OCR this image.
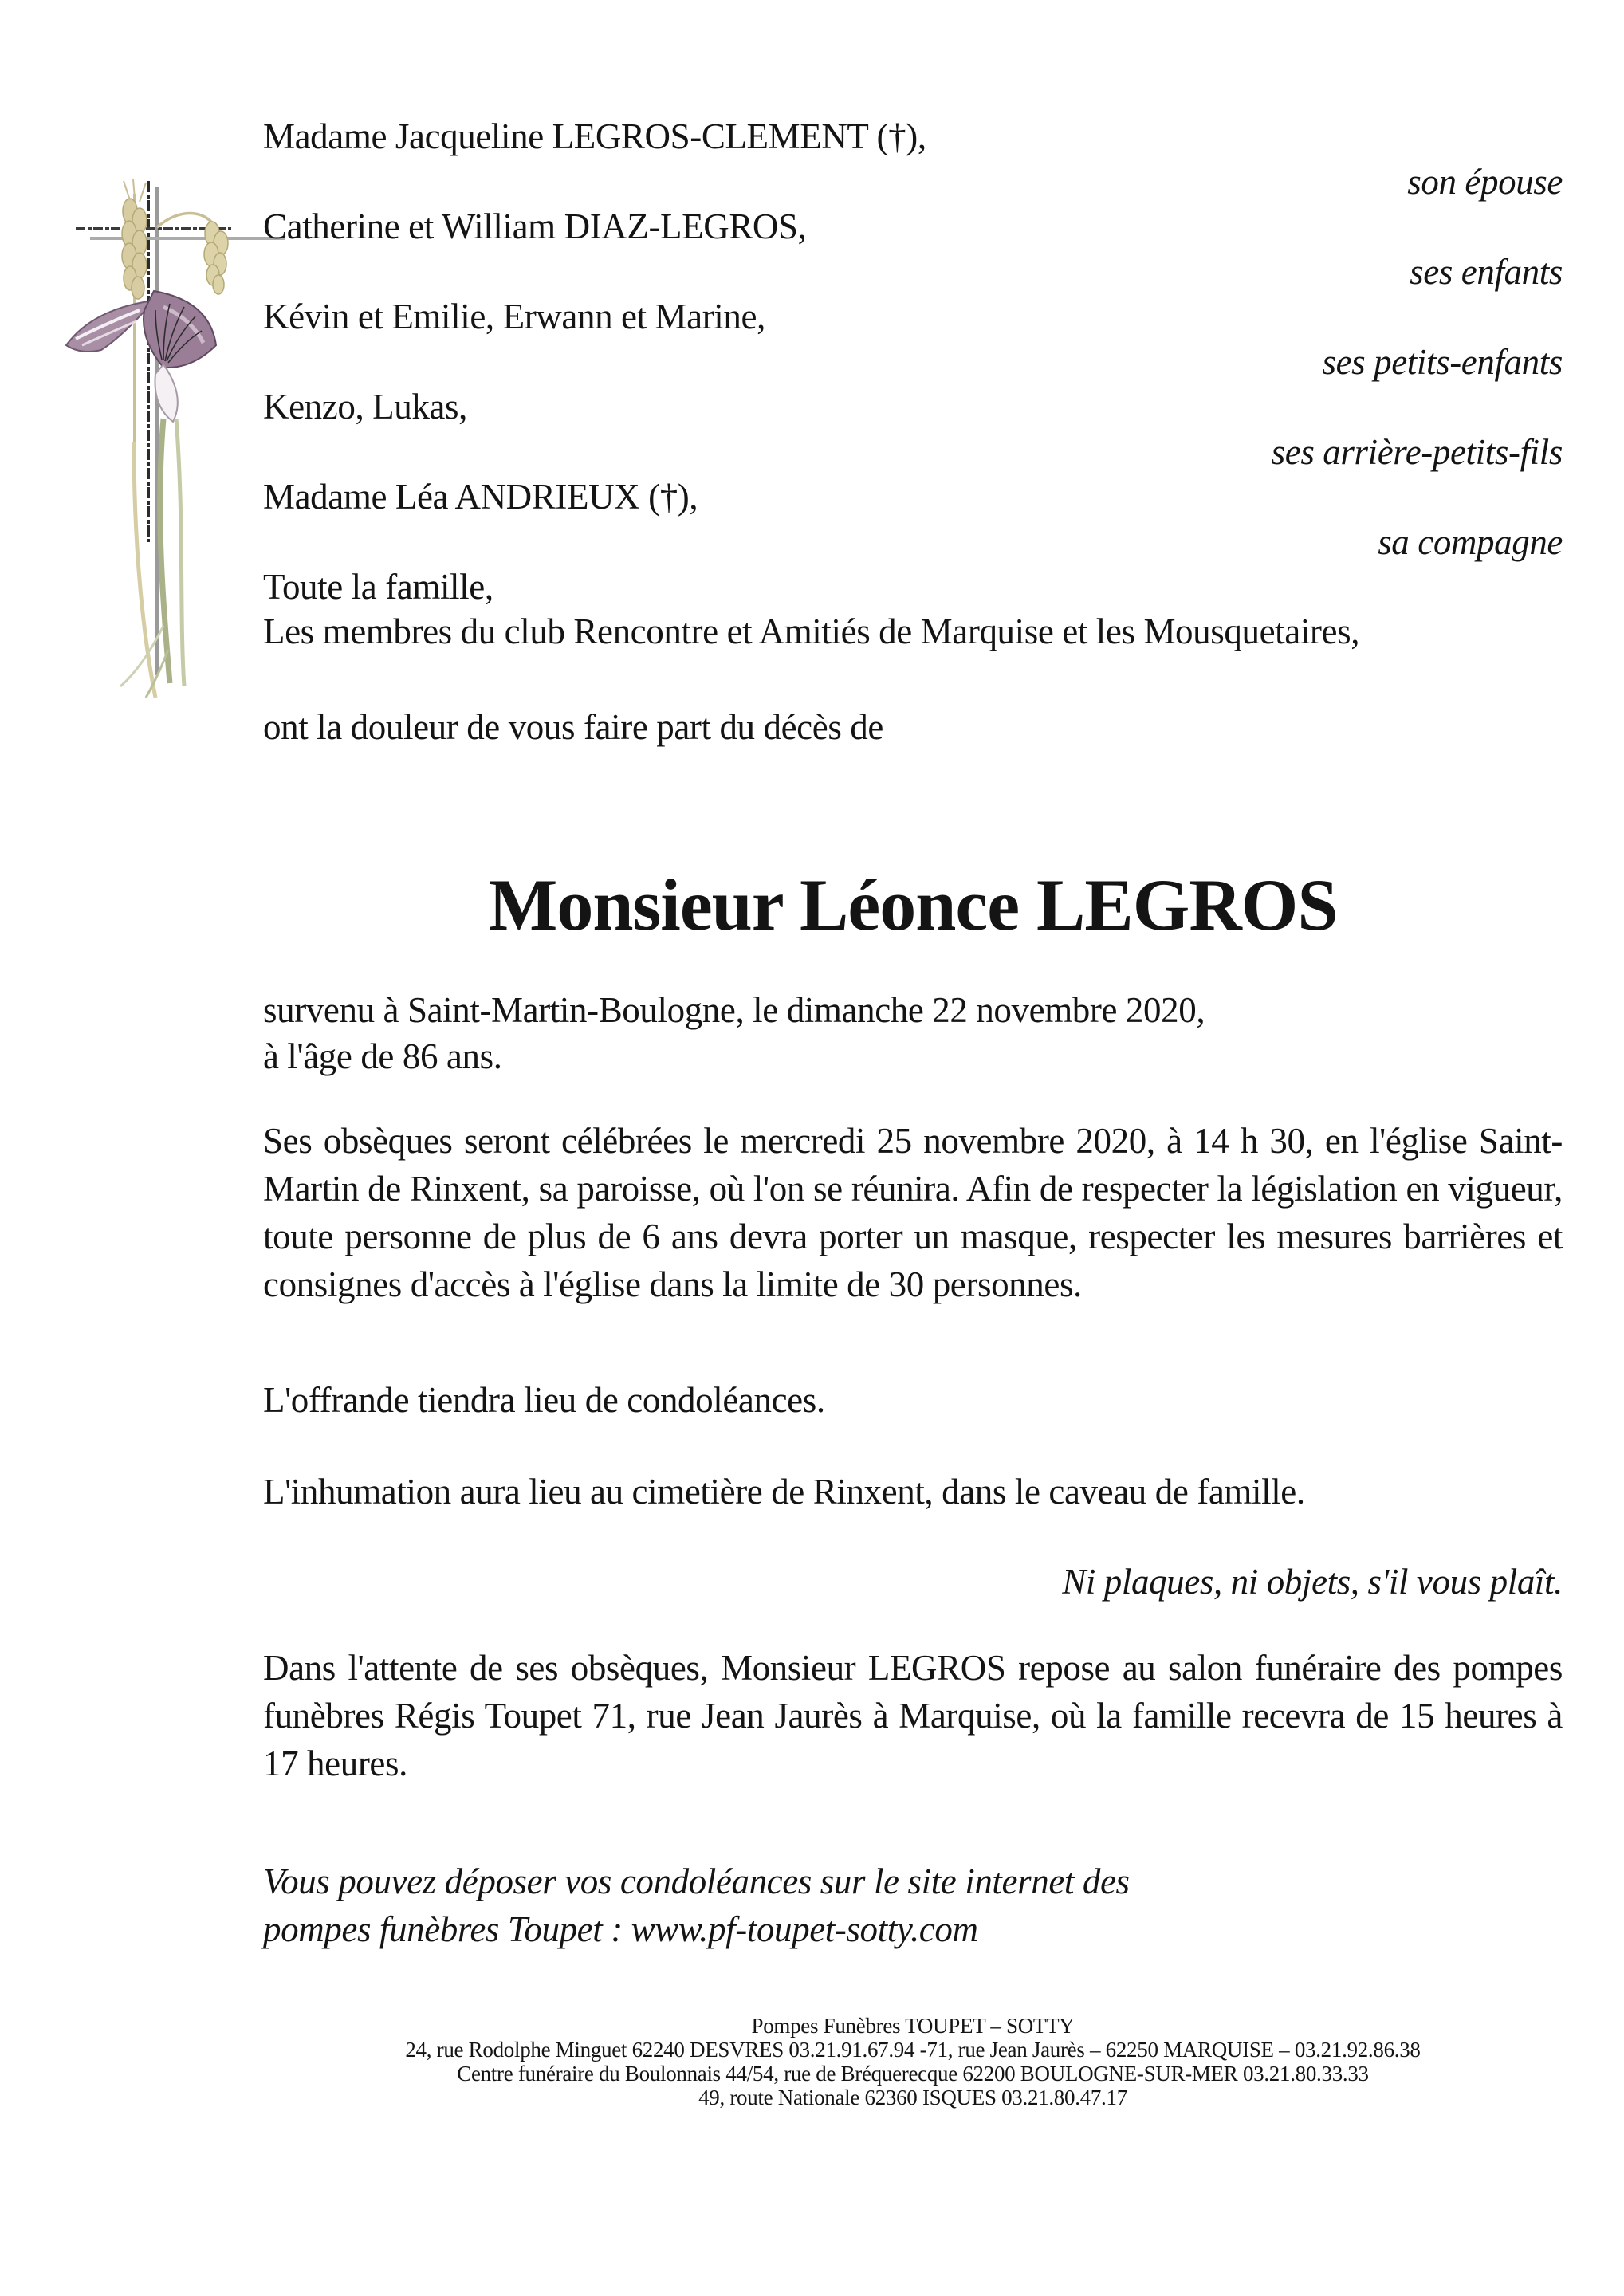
Madame Jacqueline LEGROS-CLEMENT (†),
son épouse
Catherine et William DIAZ-LEGROS,
ses enfants
Kévin et Emilie, Erwann et Marine,
ses petits-enfants
Kenzo, Lukas,
ses arrière-petits-fils
Madame Léa ANDRIEUX (†),
sa compagne
Toute la famille,
Les membres du club Rencontre et Amitiés de Marquise et les Mousquetaires,
ont la douleur de vous faire part du décès de
Monsieur Léonce LEGROS
survenu à Saint-Martin-Boulogne, le dimanche 22 novembre 2020,
à l'âge de 86 ans.
Ses obsèques seront célébrées le mercredi 25 novembre 2020, à 14 h 30, en l'église Saint-Martin de Rinxent, sa paroisse, où l'on se réunira. Afin de respecter la législation en vigueur, toute personne de plus de 6 ans devra porter un masque, respecter les mesures barrières et consignes d'accès à l'église dans la limite de 30 personnes.
L'offrande tiendra lieu de condoléances.
L'inhumation aura lieu au cimetière de Rinxent, dans le caveau de famille.
Ni plaques, ni objets, s'il vous plaît.
Dans l'attente de ses obsèques, Monsieur LEGROS repose au salon funéraire des pompes funèbres Régis Toupet 71, rue Jean Jaurès à Marquise, où la famille recevra de 15 heures à 17 heures.
Vous pouvez déposer vos condoléances sur le site internet des
pompes funèbres Toupet : www.pf-toupet-sotty.com
Pompes Funèbres TOUPET – SOTTY
24, rue Rodolphe Minguet 62240 DESVRES 03.21.91.67.94 -71, rue Jean Jaurès – 62250 MARQUISE – 03.21.92.86.38
Centre funéraire du Boulonnais 44/54, rue de Bréquerecque 62200 BOULOGNE-SUR-MER 03.21.80.33.33
49, route Nationale 62360 ISQUES 03.21.80.47.17
